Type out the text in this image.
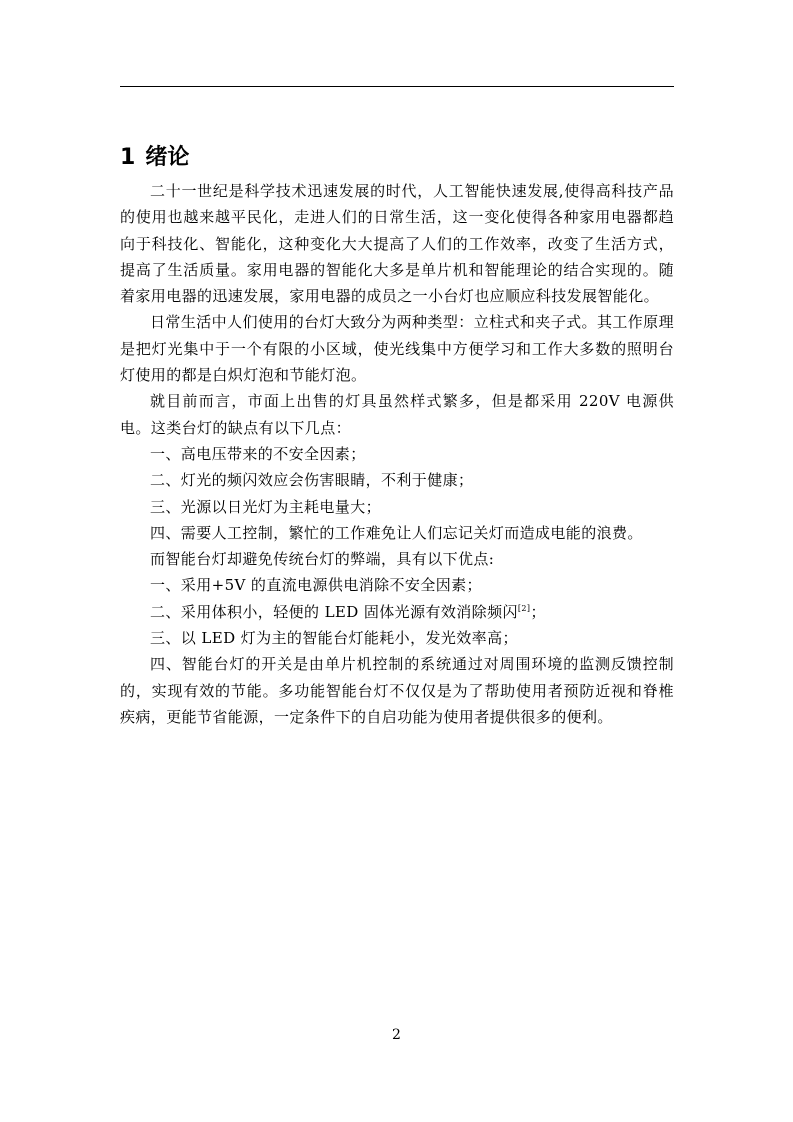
1 绪论

二十一世纪是科学技术迅速发展的时代，人工智能快速发展,使得高科技产品的使用也越来越平民化，走进人们的日常生活，这一变化使得各种家用电器都趋向于科技化、智能化，这种变化大大提高了人们的工作效率，改变了生活方式，提高了生活质量。家用电器的智能化大多是单片机和智能理论的结合实现的。随着家用电器的迅速发展，家用电器的成员之一小台灯也应顺应科技发展智能化。

日常生活中人们使用的台灯大致分为两种类型：立柱式和夹子式。其工作原理是把灯光集中于一个有限的小区域，使光线集中方便学习和工作大多数的照明台灯使用的都是白炽灯泡和节能灯泡。

就目前而言，市面上出售的灯具虽然样式繁多，但是都采用 220V 电源供电。这类台灯的缺点有以下几点：

一、高电压带来的不安全因素；

二、灯光的频闪效应会伤害眼睛，不利于健康；

三、光源以日光灯为主耗电量大；

四、需要人工控制，繁忙的工作难免让人们忘记关灯而造成电能的浪费。

而智能台灯却避免传统台灯的弊端，具有以下优点:

一、采用+5V 的直流电源供电消除不安全因素；

二、采用体积小，轻便的 LED 固体光源有效消除频闪[2]；

三、以 LED 灯为主的智能台灯能耗小，发光效率高；

四、智能台灯的开关是由单片机控制的系统通过对周围环境的监测反馈控制的，实现有效的节能。多功能智能台灯不仅仅是为了帮助使用者预防近视和脊椎疾病，更能节省能源，一定条件下的自启功能为使用者提供很多的便利。

2
